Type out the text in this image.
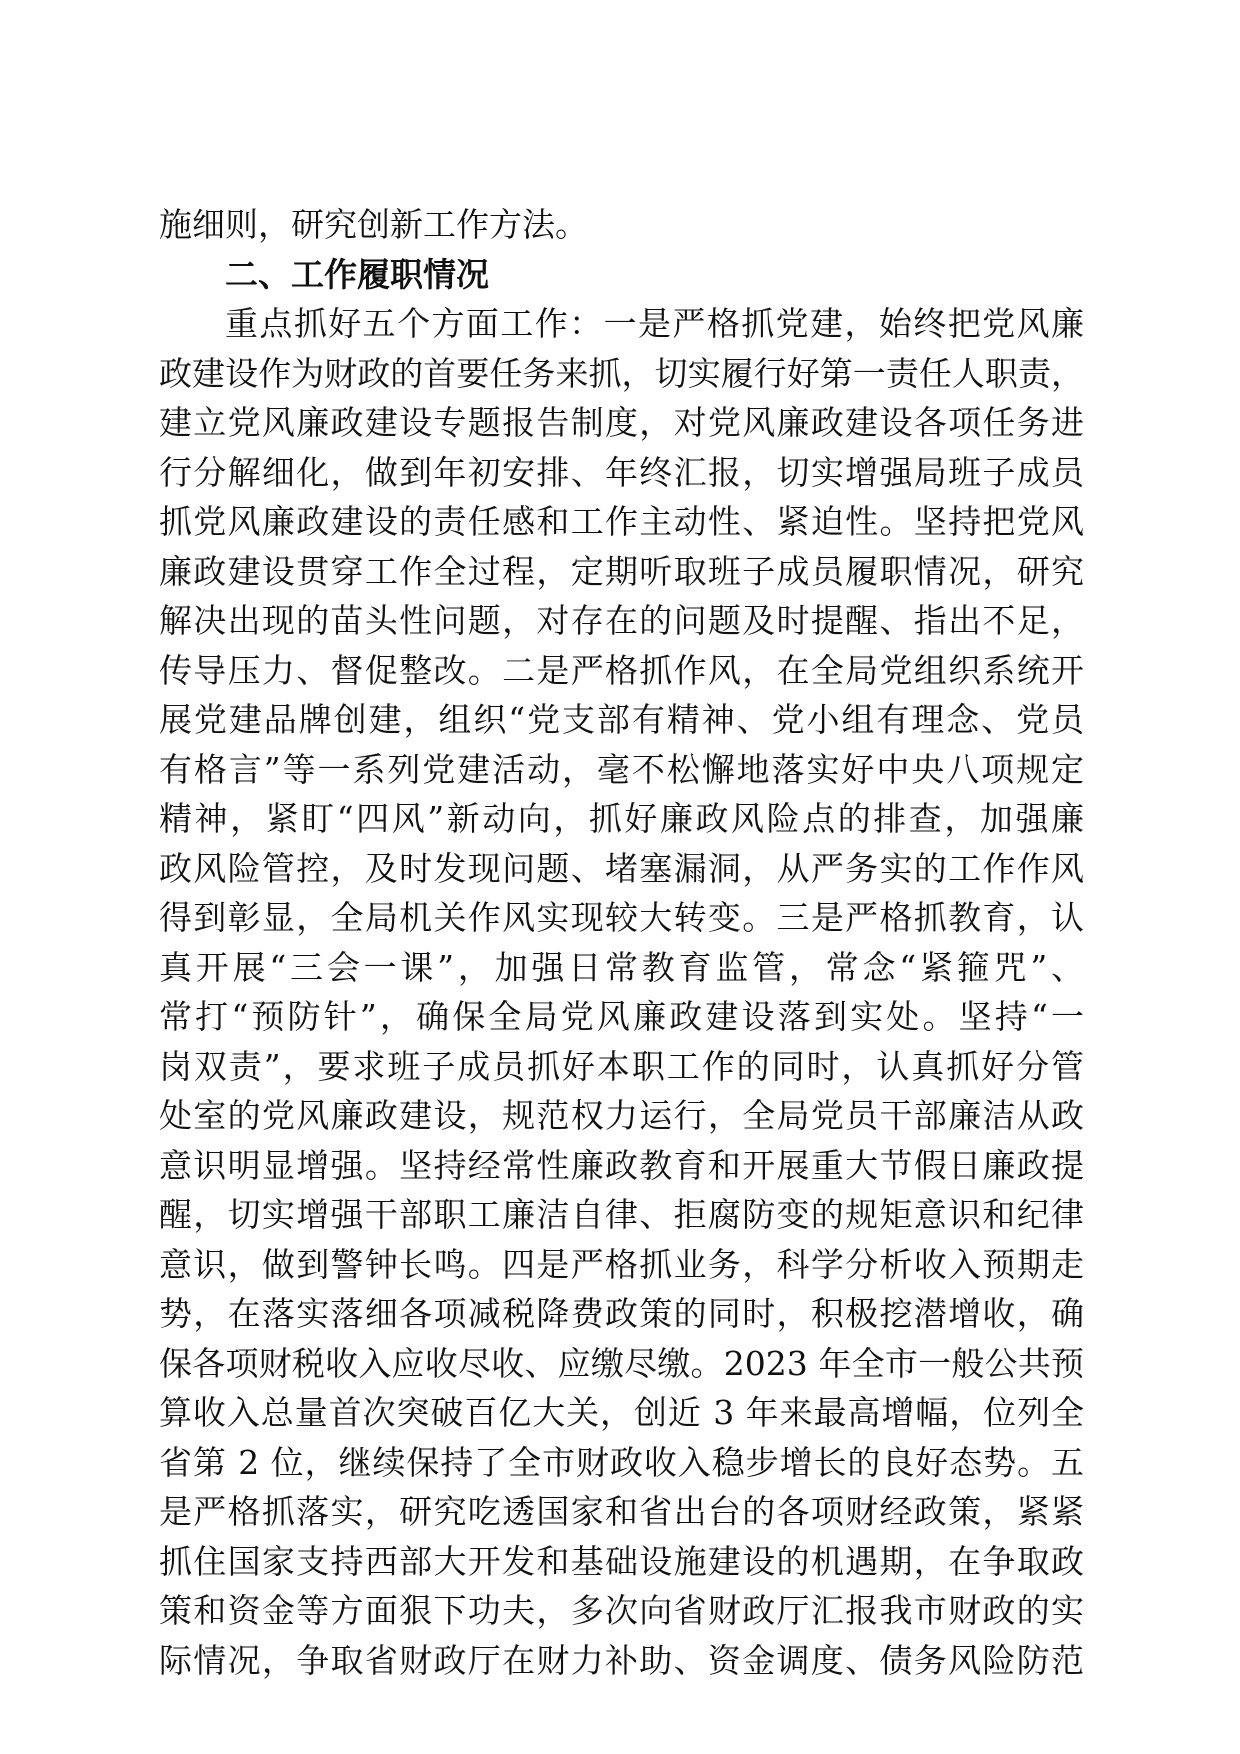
施细则，研究创新工作方法。
二、工作履职情况
重点抓好五个方面工作：一是严格抓党建，始终把党风廉
政建设作为财政的首要任务来抓，切实履行好第一责任人职责，
建立党风廉政建设专题报告制度，对党风廉政建设各项任务进
行分解细化，做到年初安排、年终汇报，切实增强局班子成员
抓党风廉政建设的责任感和工作主动性、紧迫性。坚持把党风
廉政建设贯穿工作全过程，定期听取班子成员履职情况，研究
解决出现的苗头性问题，对存在的问题及时提醒、指出不足，
传导压力、督促整改。二是严格抓作风，在全局党组织系统开
展党建品牌创建，组织“党支部有精神、党小组有理念、党员
有格言”等一系列党建活动，毫不松懈地落实好中央八项规定
精神，紧盯“四风”新动向，抓好廉政风险点的排查，加强廉
政风险管控，及时发现问题、堵塞漏洞，从严务实的工作作风
得到彰显，全局机关作风实现较大转变。三是严格抓教育，认
真开展“三会一课”，加强日常教育监管，常念“紧箍咒”、
常打“预防针”，确保全局党风廉政建设落到实处。坚持“一
岗双责”，要求班子成员抓好本职工作的同时，认真抓好分管
处室的党风廉政建设，规范权力运行，全局党员干部廉洁从政
意识明显增强。坚持经常性廉政教育和开展重大节假日廉政提
醒，切实增强干部职工廉洁自律、拒腐防变的规矩意识和纪律
意识，做到警钟长鸣。四是严格抓业务，科学分析收入预期走
势，在落实落细各项减税降费政策的同时，积极挖潜增收，确
保各项财税收入应收尽收、应缴尽缴。2023 年全市一般公共预
算收入总量首次突破百亿大关，创近 3 年来最高增幅，位列全
省第 2 位，继续保持了全市财政收入稳步增长的良好态势。五
是严格抓落实，研究吃透国家和省出台的各项财经政策，紧紧
抓住国家支持西部大开发和基础设施建设的机遇期，在争取政
策和资金等方面狠下功夫，多次向省财政厅汇报我市财政的实
际情况，争取省财政厅在财力补助、资金调度、债务风险防范
